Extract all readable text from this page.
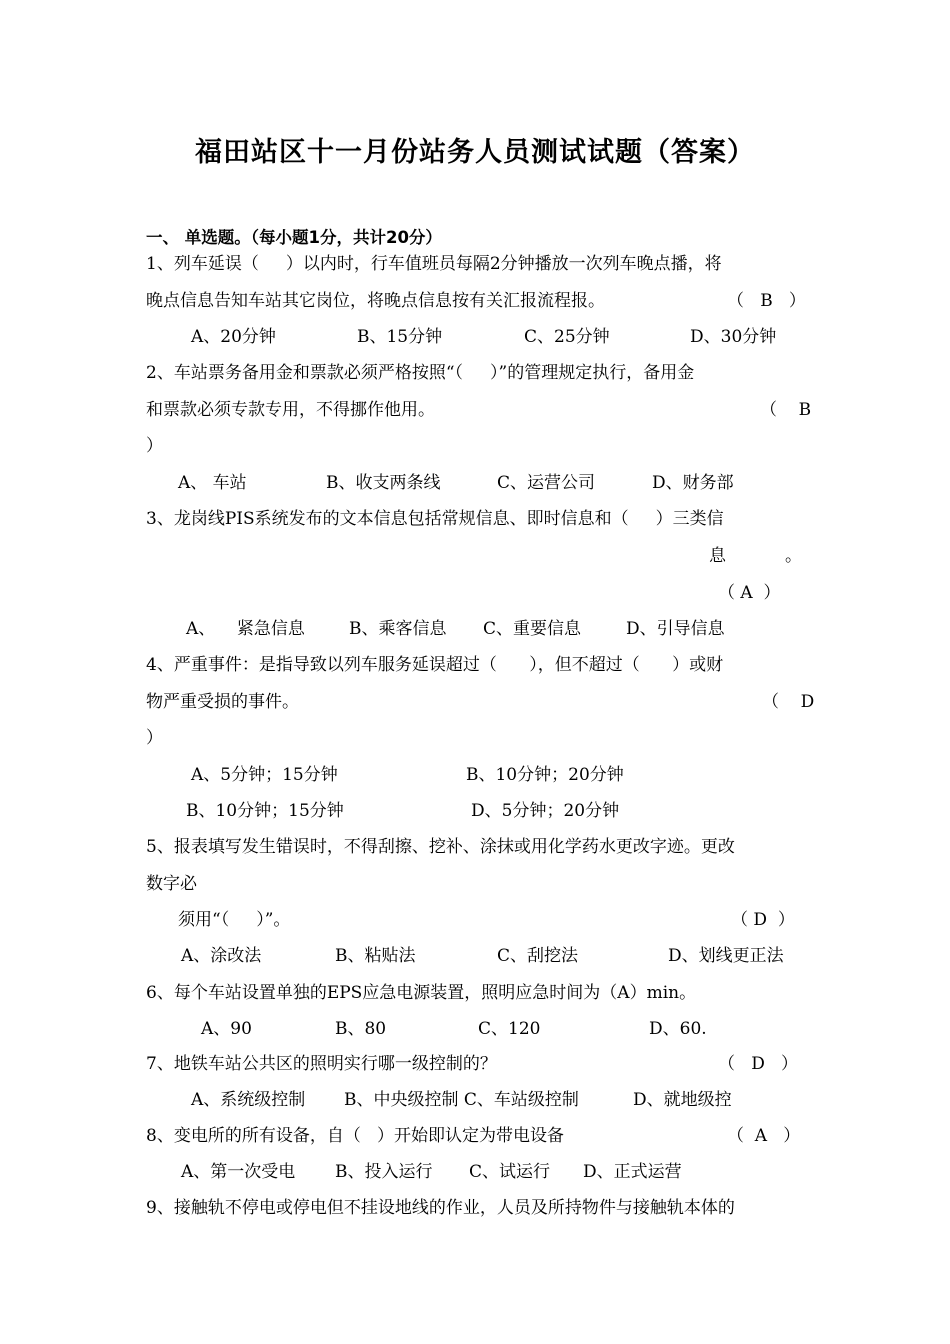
福田站区十一月份站务人员测试试题（答案）
一、 单选题。（每小题1分，共计20分）
1、列车延误（     ）以内时，行车值班员每隔2分钟播放一次列车晚点播，将
晚点信息告知车站其它岗位，将晚点信息按有关汇报流程报。	（   B   ）
A、20分钟	B、15分钟	C、25分钟	D、30分钟
2、车站票务备用金和票款必须严格按照“（     ）”的管理规定执行，备用金
和票款必须专款专用，不得挪作他用。	（    B
）
A、 车站	B、收支两条线	C、运营公司	D、财务部
3、龙岗线PIS系统发布的文本信息包括常规信息、即时信息和（     ）三类信
息	。
（ A  ）
A、    紧急信息	B、乘客信息 C、重要信息	D、引导信息
4、严重事件：是指导致以列车服务延误超过（      ），但不超过（      ）或财
物严重受损的事件。	（    D
）
A、5分钟；15分钟	B、10分钟；20分钟
B、10分钟；15分钟	D、5分钟；20分钟
5、报表填写发生错误时，不得刮擦、挖补、涂抹或用化学药水更改字迹。更改
数字必
须用“（     ）”。	（ D  ）
A、涂改法	B、粘贴法	C、刮挖法	D、划线更正法
6、每个车站设置单独的EPS应急电源装置，照明应急时间为（A）min。
A、90	B、80	C、120	D、60.
7、地铁车站公共区的照明实行哪一级控制的？	（   D   ）
A、系统级控制 B、中央级控制 C、车站级控制	D、就地级控
8、变电所的所有设备，自（   ）开始即认定为带电设备	（  A   ）
A、第一次受电 B、投入运行 C、试运行 D、正式运营
9、接触轨不停电或停电但不挂设地线的作业，人员及所持物件与接触轨本体的
